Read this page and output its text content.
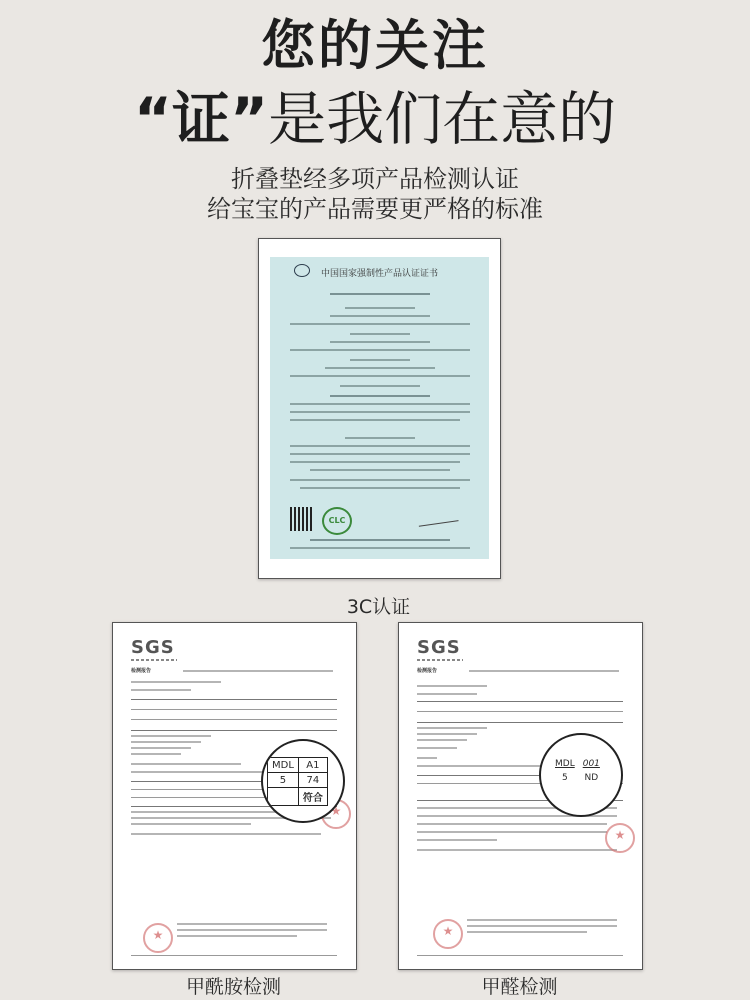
您的关注
“证”是我们在意的
折叠垫经多项产品检测认证
给宝宝的产品需要更严格的标准
中国国家强制性产品认证证书
CLC
3C认证
SGS
检测报告
★
MDL	A1
5	74
	符合
★
甲酰胺检测
SGS
检测报告
★
MDL	001
5	ND
★
甲醛检测
